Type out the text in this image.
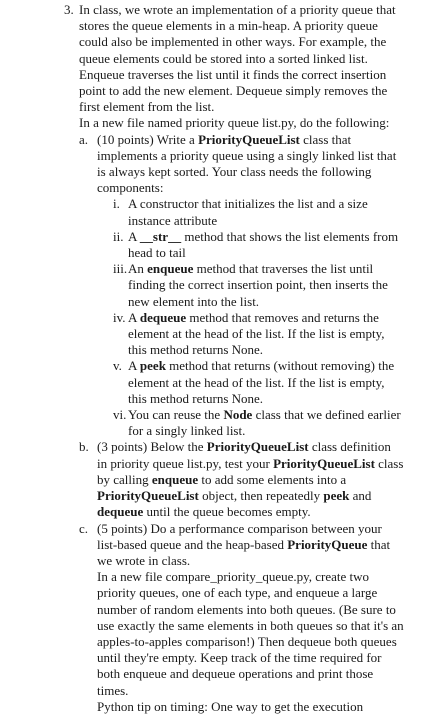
3. In class, we wrote an implementation of a priority queue that stores the queue elements in a min-heap. A priority queue could also be implemented in other ways. For example, the queue elements could be stored into a sorted linked list. Enqueue traverses the list until it finds the correct insertion point to add the new element. Dequeue simply removes the first element from the list.

In a new file named priority queue list.py, do the following:

a. (10 points) Write a PriorityQueueList class that implements a priority queue using a singly linked list that is always kept sorted. Your class needs the following components:

i. A constructor that initializes the list and a size instance attribute
ii. A __str__ method that shows the list elements from head to tail
iii. An enqueue method that traverses the list until finding the correct insertion point, then inserts the new element into the list.
iv. A dequeue method that removes and returns the element at the head of the list. If the list is empty, this method returns None.
v. A peek method that returns (without removing) the element at the head of the list. If the list is empty, this method returns None.
vi. You can reuse the Node class that we defined earlier for a singly linked list.
b. (3 points) Below the PriorityQueueList class definition in priority queue list.py, test your PriorityQueueList class by calling enqueue to add some elements into a PriorityQueueList object, then repeatedly peek and dequeue until the queue becomes empty.
c. (5 points) Do a performance comparison between your list-based queue and the heap-based PriorityQueue that we wrote in class.

In a new file compare_priority_queue.py, create two priority queues, one of each type, and enqueue a large number of random elements into both queues. (Be sure to use exactly the same elements in both queues so that it's an apples-to-apples comparison!) Then dequeue both queues until they're empty. Keep track of the time required for both enqueue and dequeue operations and print those times.

Python tip on timing: One way to get the execution
